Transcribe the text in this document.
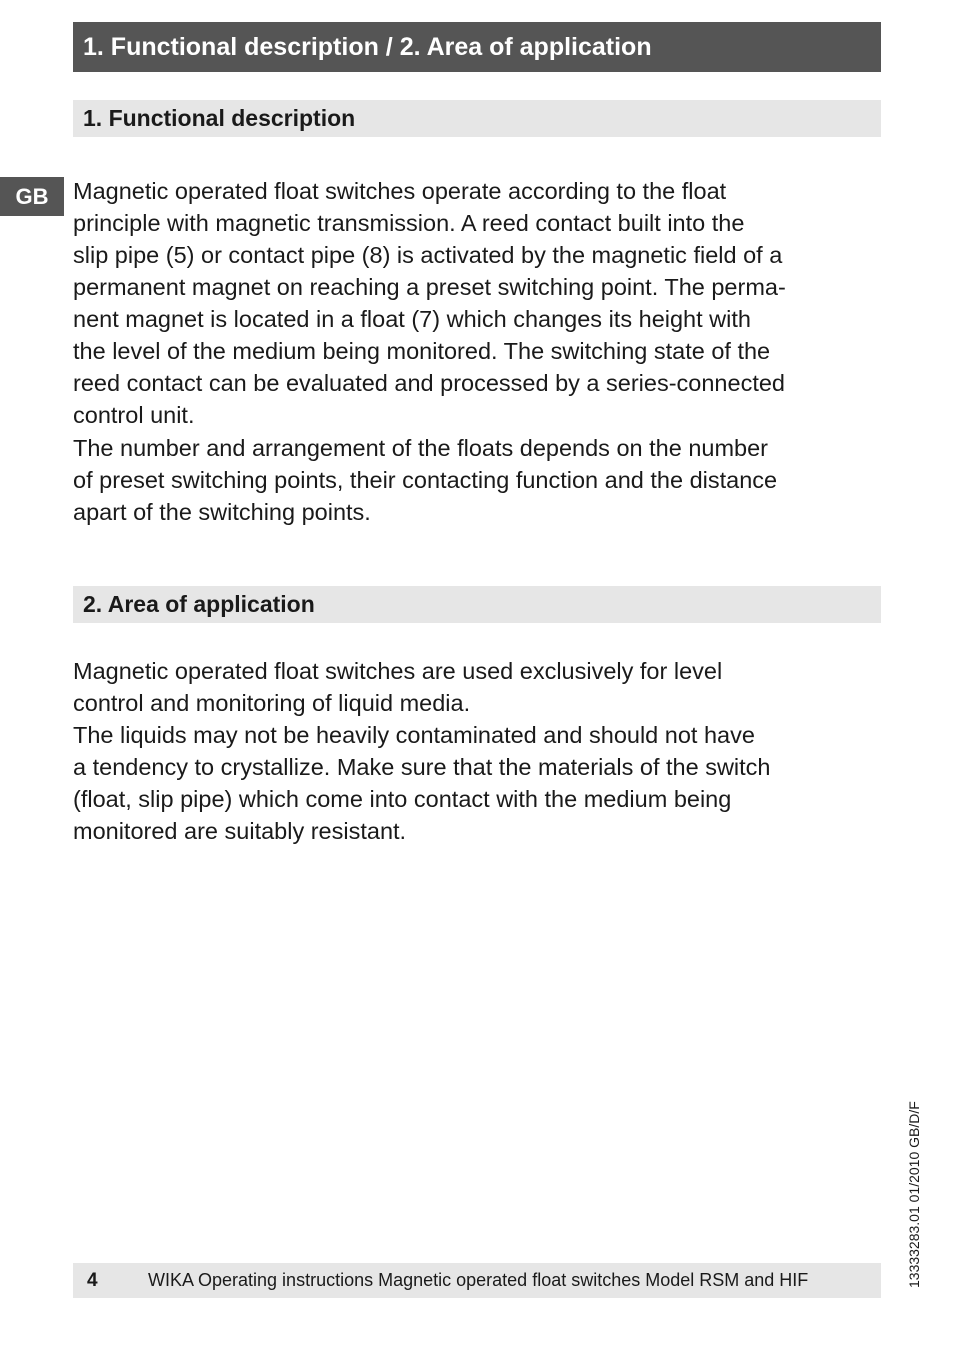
1. Functional description / 2. Area of application
1. Functional description
GB	Magnetic operated float switches operate according to the float

principle with magnetic transmission. A reed contact built into the

slip pipe (5) or contact pipe (8) is activated by the magnetic field of a

permanent magnet on reaching a preset switching point. The perma-

nent magnet is located in a float (7) which changes its height with

the level of the medium being monitored. The switching state of the

reed contact can be evaluated and processed by a series-connected

control unit.

The number and arrangement of the floats depends on the number

of preset switching points, their contacting function and the distance

apart of the switching points.

2. Area of application

Magnetic operated float switches are used exclusively for level

control and monitoring of liquid media.

The liquids may not be heavily contaminated and should not have

a tendency to crystallize. Make sure that the materials of the switch

(float, slip pipe) which come into contact with the medium being

monitored are suitably resistant.

13333283.01 01/2010 GB/D/F
4	WIKA Operating instructions Magnetic operated float switches Model RSM and HIF
